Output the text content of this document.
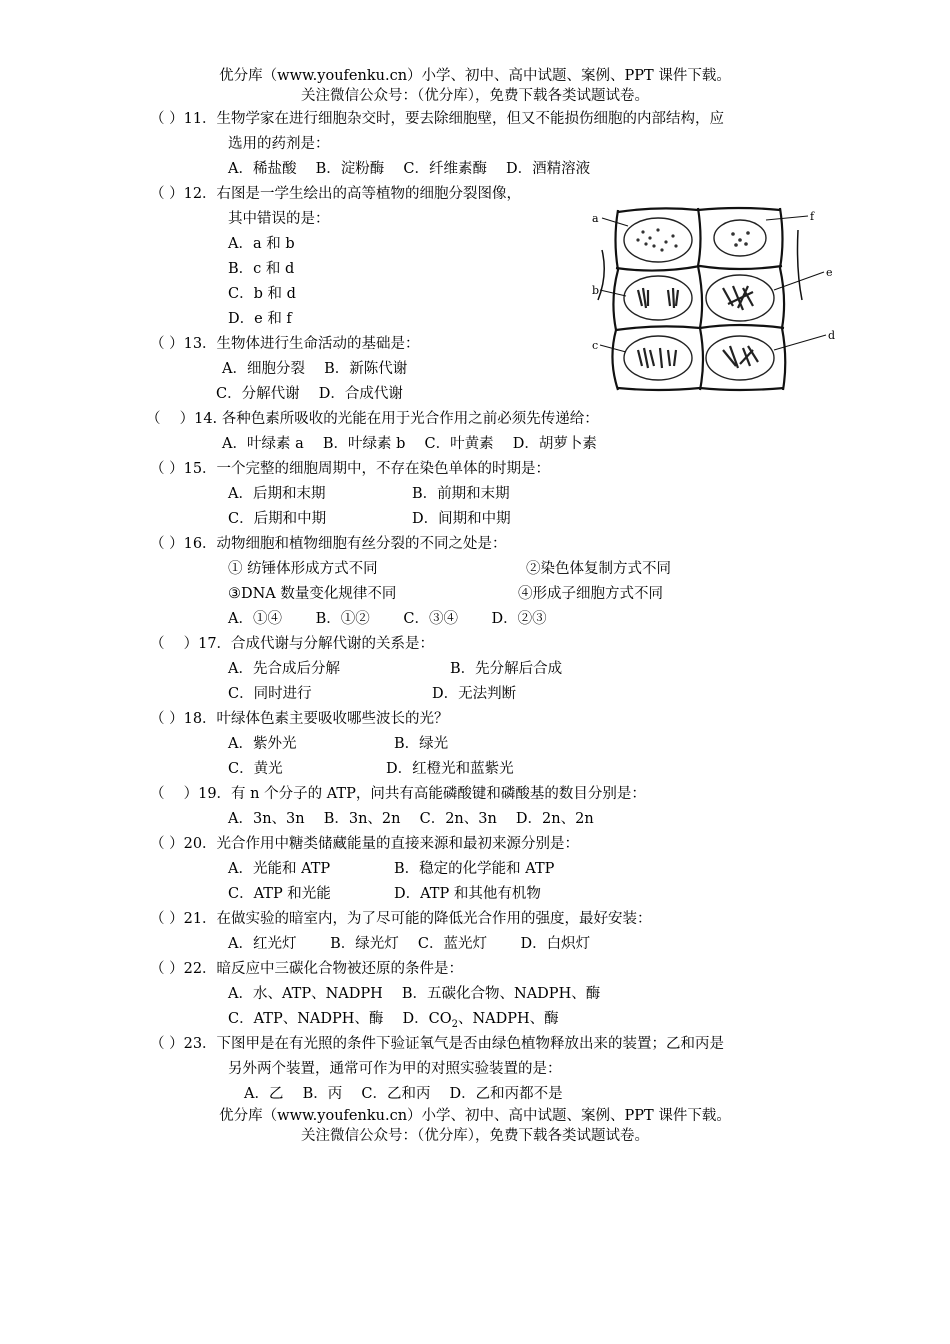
优分库（www.youfenku.cn）小学、初中、高中试题、案例、PPT 课件下载。
关注微信公众号：（优分库），免费下载各类试题试卷。
（ ）11．生物学家在进行细胞杂交时，要去除细胞壁，但又不能损伤细胞的内部结构，应
选用的药剂是：
A．稀盐酸　 B．淀粉酶　 C．纤维素酶　 D．酒精溶液
（ ）12．右图是一学生绘出的高等植物的细胞分裂图像，
其中错误的是：
A．a 和 b
B．c 和 d
C．b 和 d
D．e 和 f
a
b
c
d
e
f
（ ）13．生物体进行生命活动的基础是：
A．细胞分裂　 B．新陈代谢
C．分解代谢　 D．合成代谢
（　 ）14. 各种色素所吸收的光能在用于光合作用之前必须先传递给：
A．叶绿素 a　 B．叶绿素 b　 C．叶黄素　 D．胡萝卜素
（ ）15．一个完整的细胞周期中，不存在染色单体的时期是：
A．后期和末期	B．前期和末期
C．后期和中期	D．间期和中期
（ ）16．动物细胞和植物细胞有丝分裂的不同之处是：
① 纺锤体形成方式不同	②染色体复制方式不同
③DNA 数量变化规律不同	④形成子细胞方式不同
A．①④　　 B．①②　　 C．③④　　 D．②③
（　 ）17．合成代谢与分解代谢的关系是：
A．先合成后分解	B．先分解后合成
C．同时进行	D．无法判断
（ ）18．叶绿体色素主要吸收哪些波长的光？
A．紫外光	B．绿光
C．黄光	D．红橙光和蓝紫光
（　 ）19．有 n 个分子的 ATP，问共有高能磷酸键和磷酸基的数目分别是：
A．3n、3n　 B．3n、2n　 C．2n、3n　 D．2n、2n
（ ）20．光合作用中糖类储藏能量的直接来源和最初来源分别是：
A．光能和 ATP	B．稳定的化学能和 ATP
C．ATP 和光能	D．ATP 和其他有机物
（ ）21．在做实验的暗室内，为了尽可能的降低光合作用的强度，最好安装：
A．红光灯　　 B．绿光灯　 C．蓝光灯　　 D．白炽灯
（ ）22．暗反应中三碳化合物被还原的条件是：
A．水、ATP、NADPH　 B．五碳化合物、NADPH、酶
C．ATP、NADPH、酶　 D．$CO_2$、NADPH、酶
（ ）23．下图甲是在有光照的条件下验证氧气是否由绿色植物释放出来的装置；乙和丙是
另外两个装置，通常可作为甲的对照实验装置的是：
A．乙　 B．丙　 C．乙和丙　 D．乙和丙都不是
优分库（www.youfenku.cn）小学、初中、高中试题、案例、PPT 课件下载。
关注微信公众号：（优分库），免费下载各类试题试卷。
